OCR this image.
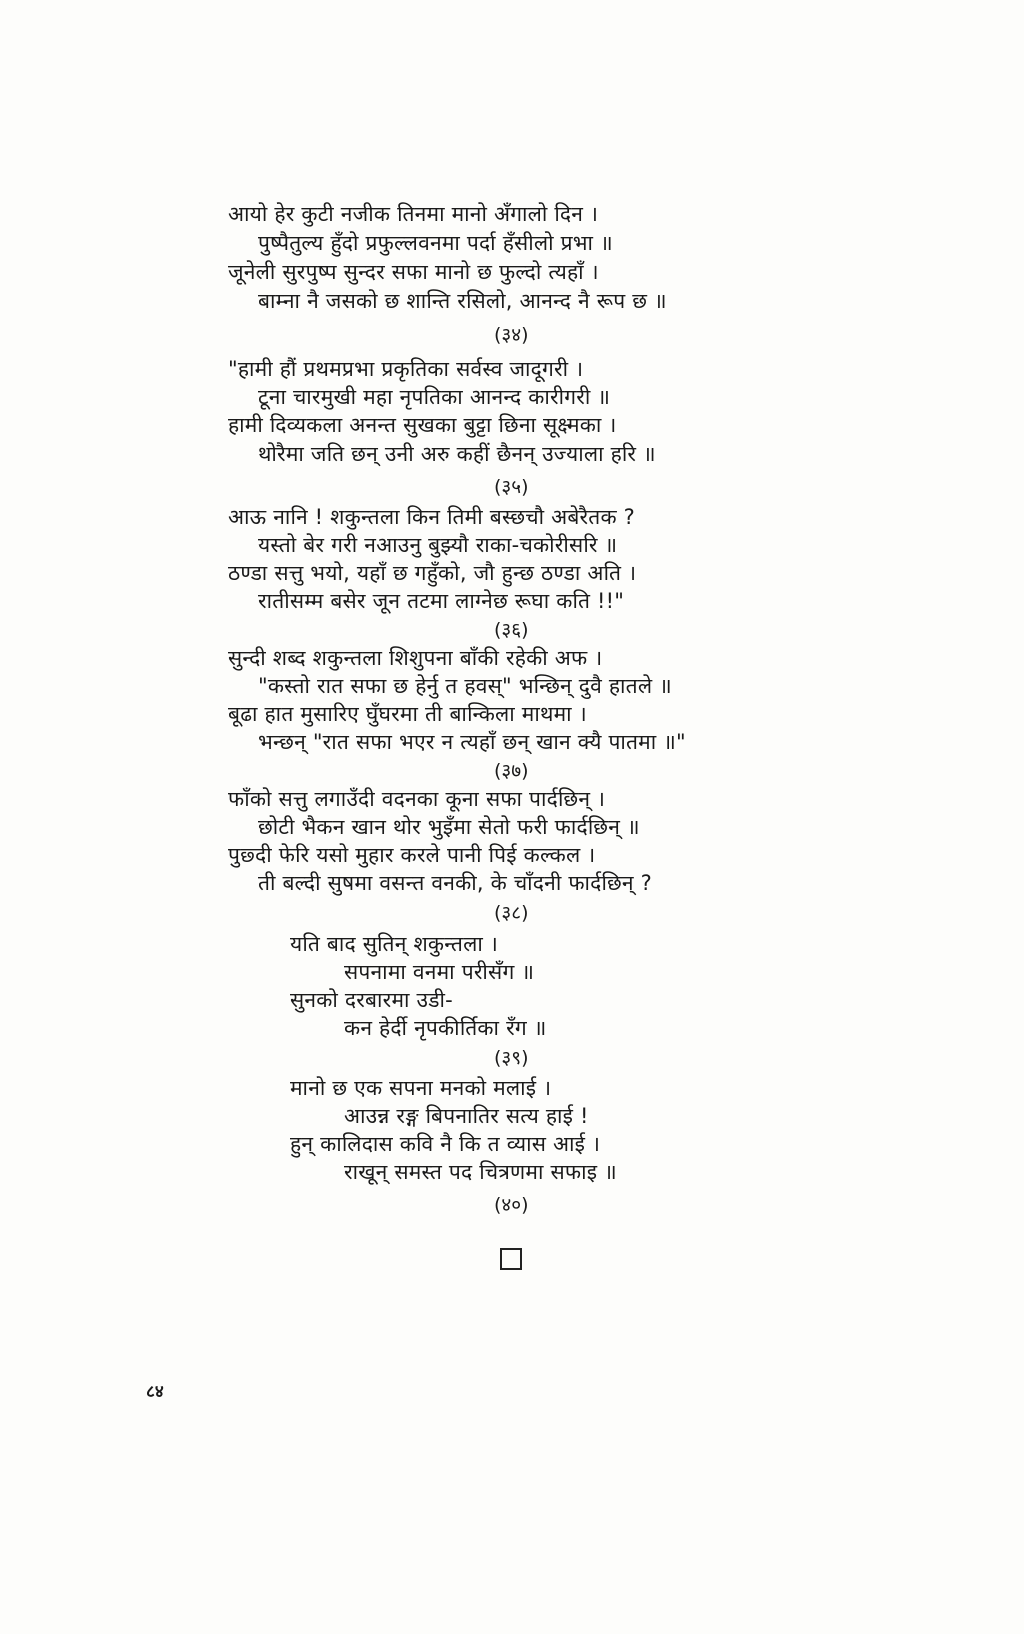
आयो हेर कुटी नजीक तिनमा मानो अँगालो दिन ।
पुष्पैतुल्य हुँदो प्रफुल्लवनमा पर्दा हँसीलो प्रभा ॥
जूनेली सुरपुष्प सुन्दर सफा मानो छ फुल्दो त्यहाँ ।
बाम्ना नै जसको छ शान्ति रसिलो, आनन्द नै रूप छ ॥
(३४)
"हामी हौं प्रथमप्रभा प्रकृतिका सर्वस्व जादूगरी ।
टूना चारमुखी महा नृपतिका आनन्द कारीगरी ॥
हामी दिव्यकला अनन्त सुखका बुट्टा छिना सूक्ष्मका ।
थोरैमा जति छन् उनी अरु कहीं छैनन् उज्याला हरि ॥
(३५)
आऊ नानि ! शकुन्तला किन तिमी बस्छचौ अबेरैतक ?
यस्तो बेर गरी नआउनु बुझ्यौ राका-चकोरीसरि ॥
ठण्डा सत्तु भयो, यहाँ छ गहुँको, जौ हुन्छ ठण्डा अति ।
रातीसम्म बसेर जून तटमा लाग्नेछ रूघा कति !!"
(३६)
सुन्दी शब्द शकुन्तला शिशुपना बाँकी रहेकी अफ ।
"कस्तो रात सफा छ हेर्नु त हवस्" भन्छिन् दुवै हातले ॥
बूढा हात मुसारिए घुँघरमा ती बान्किला माथमा ।
भन्छन् "रात सफा भएर न त्यहाँ छन् खान क्यै पातमा ॥"
(३७)
फाँको सत्तु लगाउँदी वदनका कूना सफा पार्दछिन् ।
छोटी भैकन खान थोर भुइँमा सेतो फरी फार्दछिन् ॥
पुछ्दी फेरि यसो मुहार करले पानी पिई कल्कल ।
ती बल्दी सुषमा वसन्त वनकी, के चाँदनी फार्दछिन् ?
(३८)
यति बाद सुतिन् शकुन्तला ।
सपनामा वनमा परीसँग ॥
सुनको दरबारमा उडी-
कन हेर्दी नृपकीर्तिका रँग ॥
(३९)
मानो छ एक सपना मनको मलाई ।
आउन्न रङ्ग बिपनातिर सत्य हाई !
हुन् कालिदास कवि नै कि त व्यास आई ।
राखून् समस्त पद चित्रणमा सफाइ ॥
(४०)
८४
